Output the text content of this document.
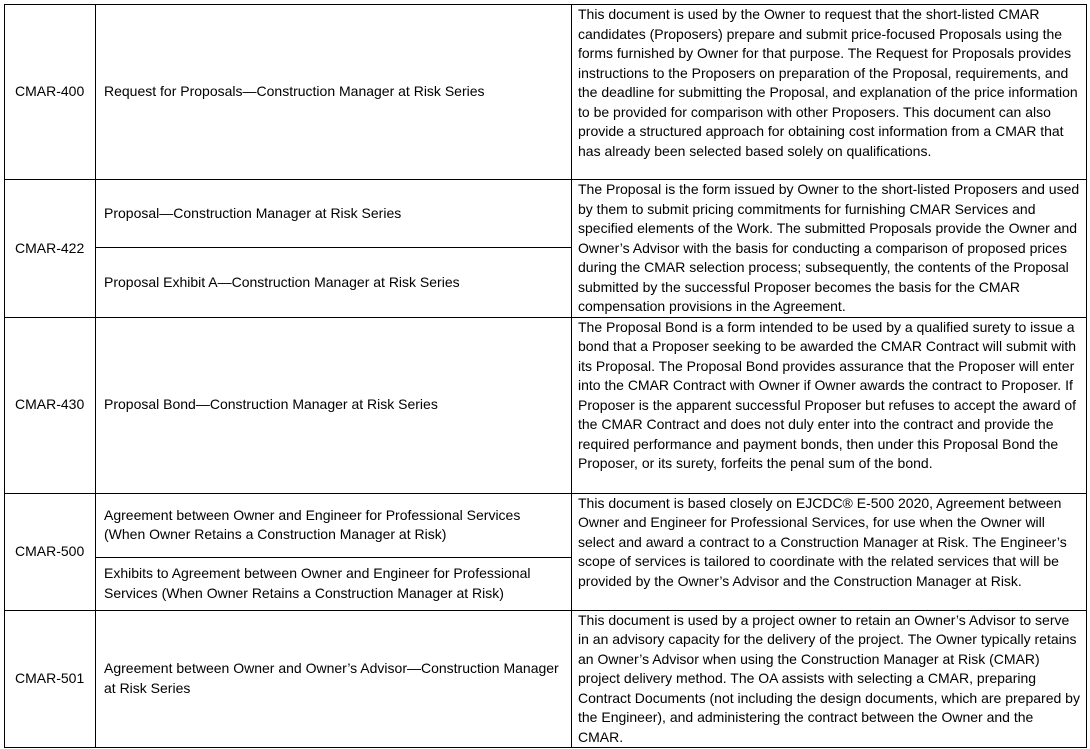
CMAR-400	Request for Proposals—Construction Manager at Risk Series	This document is used by the Owner to request that the short-listed CMAR candidates (Proposers) prepare and submit price-focused Proposals using the forms furnished by Owner for that purpose. The Request for Proposals provides instructions to the Proposers on preparation of the Proposal, requirements, and the deadline for submitting the Proposal, and explanation of the price information to be provided for comparison with other Proposers. This document can also provide a structured approach for obtaining cost information from a CMAR that has already been selected based solely on qualifications.
CMAR-422	Proposal—Construction Manager at Risk Series	The Proposal is the form issued by Owner to the short-listed Proposers and used by them to submit pricing commitments for furnishing CMAR Services and specified elements of the Work. The submitted Proposals provide the Owner and Owner’s Advisor with the basis for conducting a comparison of proposed prices during the CMAR selection process; subsequently, the contents of the Proposal submitted by the successful Proposer becomes the basis for the CMAR compensation provisions in the Agreement.
	Proposal Exhibit A—Construction Manager at Risk Series	
CMAR-430	Proposal Bond—Construction Manager at Risk Series	The Proposal Bond is a form intended to be used by a qualified surety to issue a bond that a Proposer seeking to be awarded the CMAR Contract will submit with its Proposal. The Proposal Bond provides assurance that the Proposer will enter into the CMAR Contract with Owner if Owner awards the contract to Proposer. If Proposer is the apparent successful Proposer but refuses to accept the award of the CMAR Contract and does not duly enter into the contract and provide the required performance and payment bonds, then under this Proposal Bond the Proposer, or its surety, forfeits the penal sum of the bond.
CMAR-500	Agreement between Owner and Engineer for Professional Services (When Owner Retains a Construction Manager at Risk)	This document is based closely on EJCDC® E-500 2020, Agreement between Owner and Engineer for Professional Services, for use when the Owner will select and award a contract to a Construction Manager at Risk. The Engineer’s scope of services is tailored to coordinate with the related services that will be provided by the Owner’s Advisor and the Construction Manager at Risk.
	Exhibits to Agreement between Owner and Engineer for Professional Services (When Owner Retains a Construction Manager at Risk)	
CMAR-501	Agreement between Owner and Owner’s Advisor—Construction Manager at Risk Series	This document is used by a project owner to retain an Owner’s Advisor to serve in an advisory capacity for the delivery of the project. The Owner typically retains an Owner’s Advisor when using the Construction Manager at Risk (CMAR) project delivery method. The OA assists with selecting a CMAR, preparing Contract Documents (not including the design documents, which are prepared by the Engineer), and administering the contract between the Owner and the CMAR.
